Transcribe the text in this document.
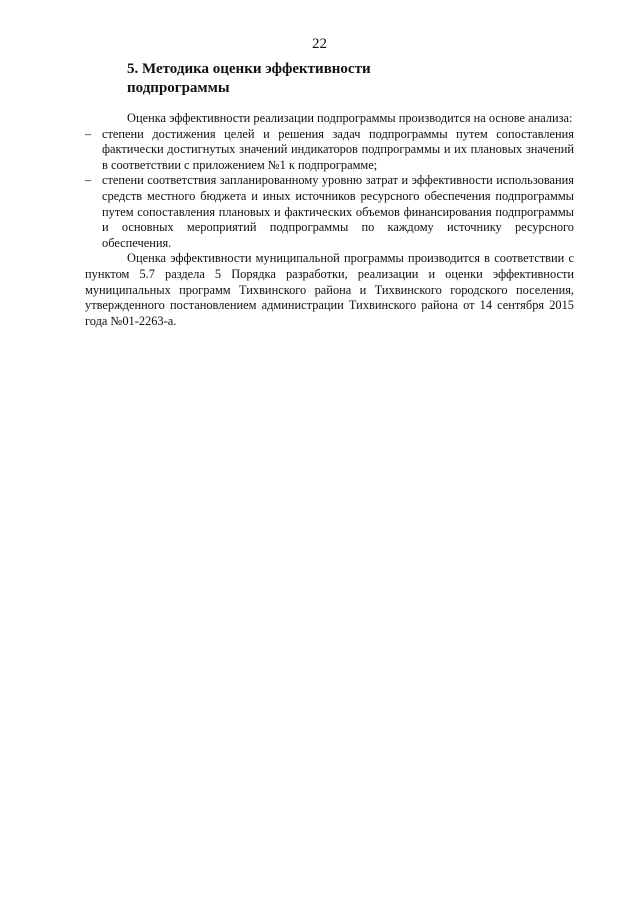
22
5. Методика оценки эффективности
подпрограммы

Оценка эффективности реализации подпрограммы производится на основе анализа:

– степени достижения целей и решения задач подпрограммы путем сопоставления фактически достигнутых значений индикаторов подпрограммы и их плановых значений в соответствии с приложением №1 к подпрограмме;

– степени соответствия запланированному уровню затрат и эффективности использования средств местного бюджета и иных источников ресурсного обеспечения подпрограммы путем сопоставления плановых и фактических объемов финансирования подпрограммы и основных мероприятий подпрограммы по каждому источнику ресурсного обеспечения.

Оценка эффективности муниципальной программы производится в соответствии с пунктом 5.7 раздела 5 Порядка разработки, реализации и оценки эффективности муниципальных программ Тихвинского района и Тихвинского городского поселения, утвержденного постановлением администрации Тихвинского района от 14 сентября 2015 года №01-2263-а.
